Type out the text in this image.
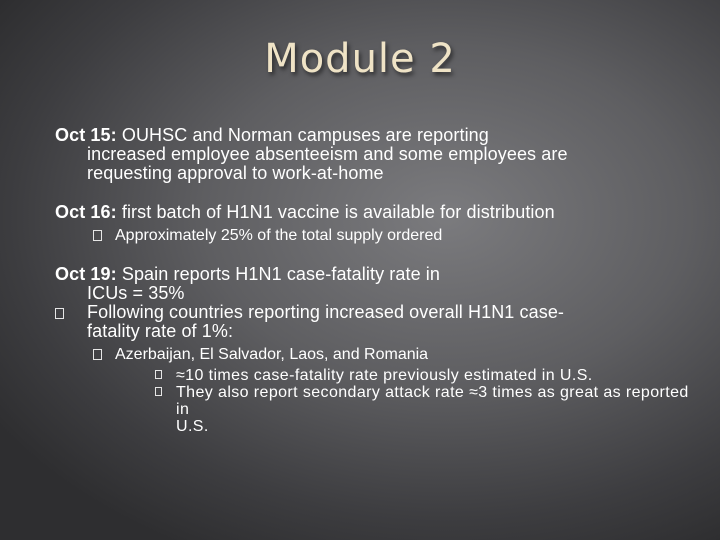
Module 2
Oct 15: OUHSC and Norman campuses are reporting
increased employee absenteeism and some employees are
requesting approval to work-at-home
Oct 16: first batch of H1N1 vaccine is available for distribution
Approximately 25% of the total supply ordered
Oct 19: Spain reports H1N1 case-fatality rate in
ICUs = 35%
Following countries reporting increased overall H1N1 case-
fatality rate of 1%:
Azerbaijan, El Salvador, Laos, and Romania
≈10 times case-fatality rate previously estimated in U.S.
They also report secondary attack rate ≈3 times as great as reported in
U.S.
